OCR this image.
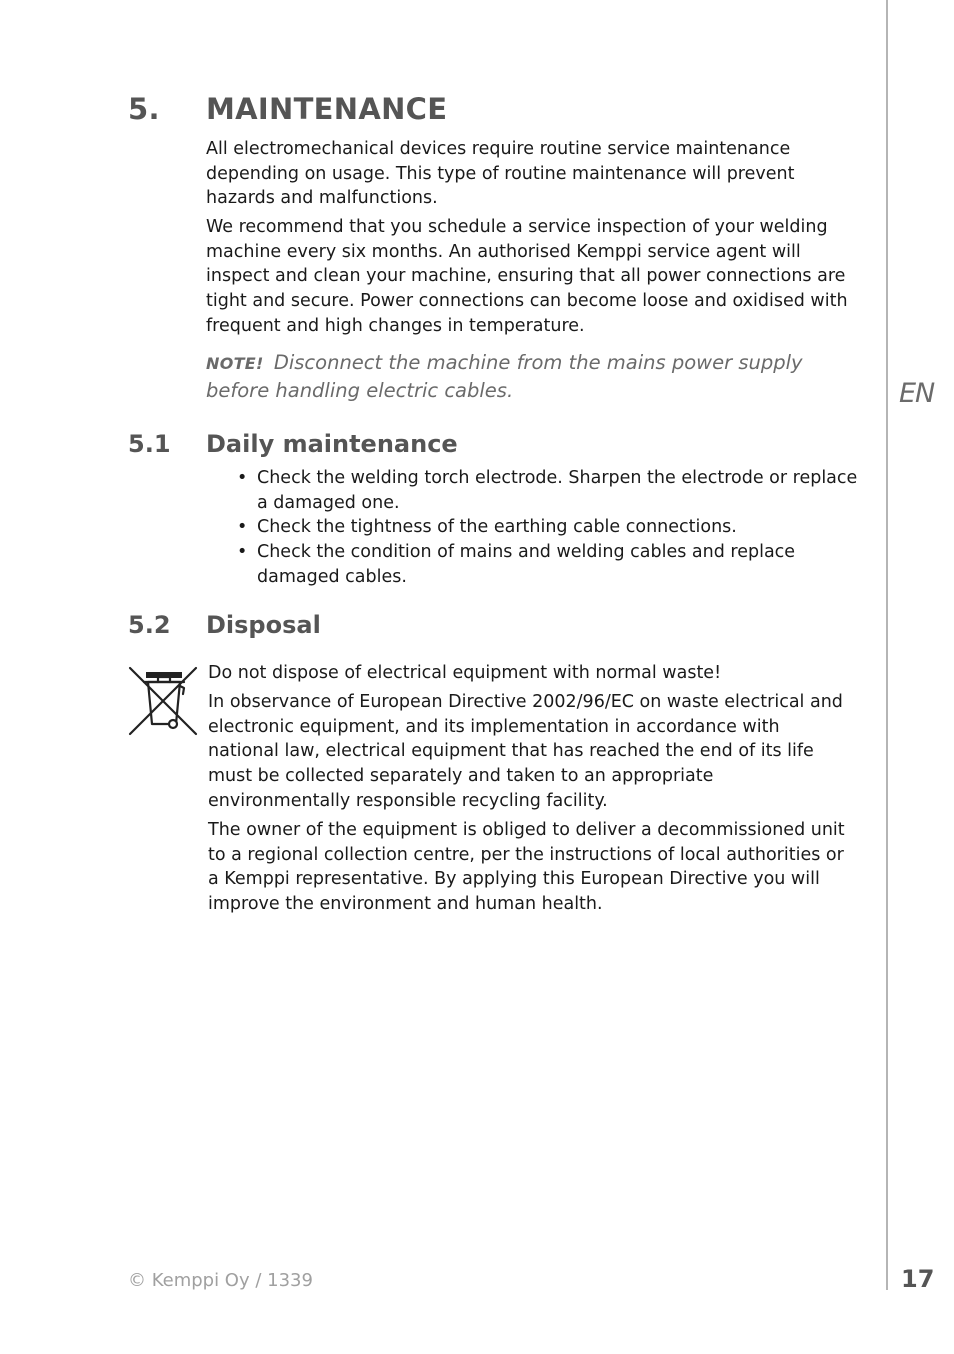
EN
5. MAINTENANCE

All electromechanical devices require routine service maintenance depending on usage. This type of routine maintenance will prevent hazards and malfunctions.

We recommend that you schedule a service inspection of your welding machine every six months. An authorised Kemppi service agent will inspect and clean your machine, ensuring that all power connections are tight and secure. Power connections can become loose and oxidised with frequent and high changes in temperature.

NOTE! Disconnect the machine from the mains power supply before handling electric cables.
5.1 Daily maintenance
• Check the welding torch electrode. Sharpen the electrode or replace a damaged one.
• Check the tightness of the earthing cable connections.
• Check the condition of mains and welding cables and replace damaged cables.
5.2 Disposal

Do not dispose of electrical equipment with normal waste!

In observance of European Directive 2002/96/EC on waste electrical and electronic equipment, and its implementation in accordance with national law, electrical equipment that has reached the end of its life must be collected separately and taken to an appropriate environmentally responsible recycling facility.

The owner of the equipment is obliged to deliver a decommissioned unit to a regional collection centre, per the instructions of local authorities or a Kemppi representative. By applying this European Directive you will improve the environment and human health.

© Kemppi Oy / 1339	17
